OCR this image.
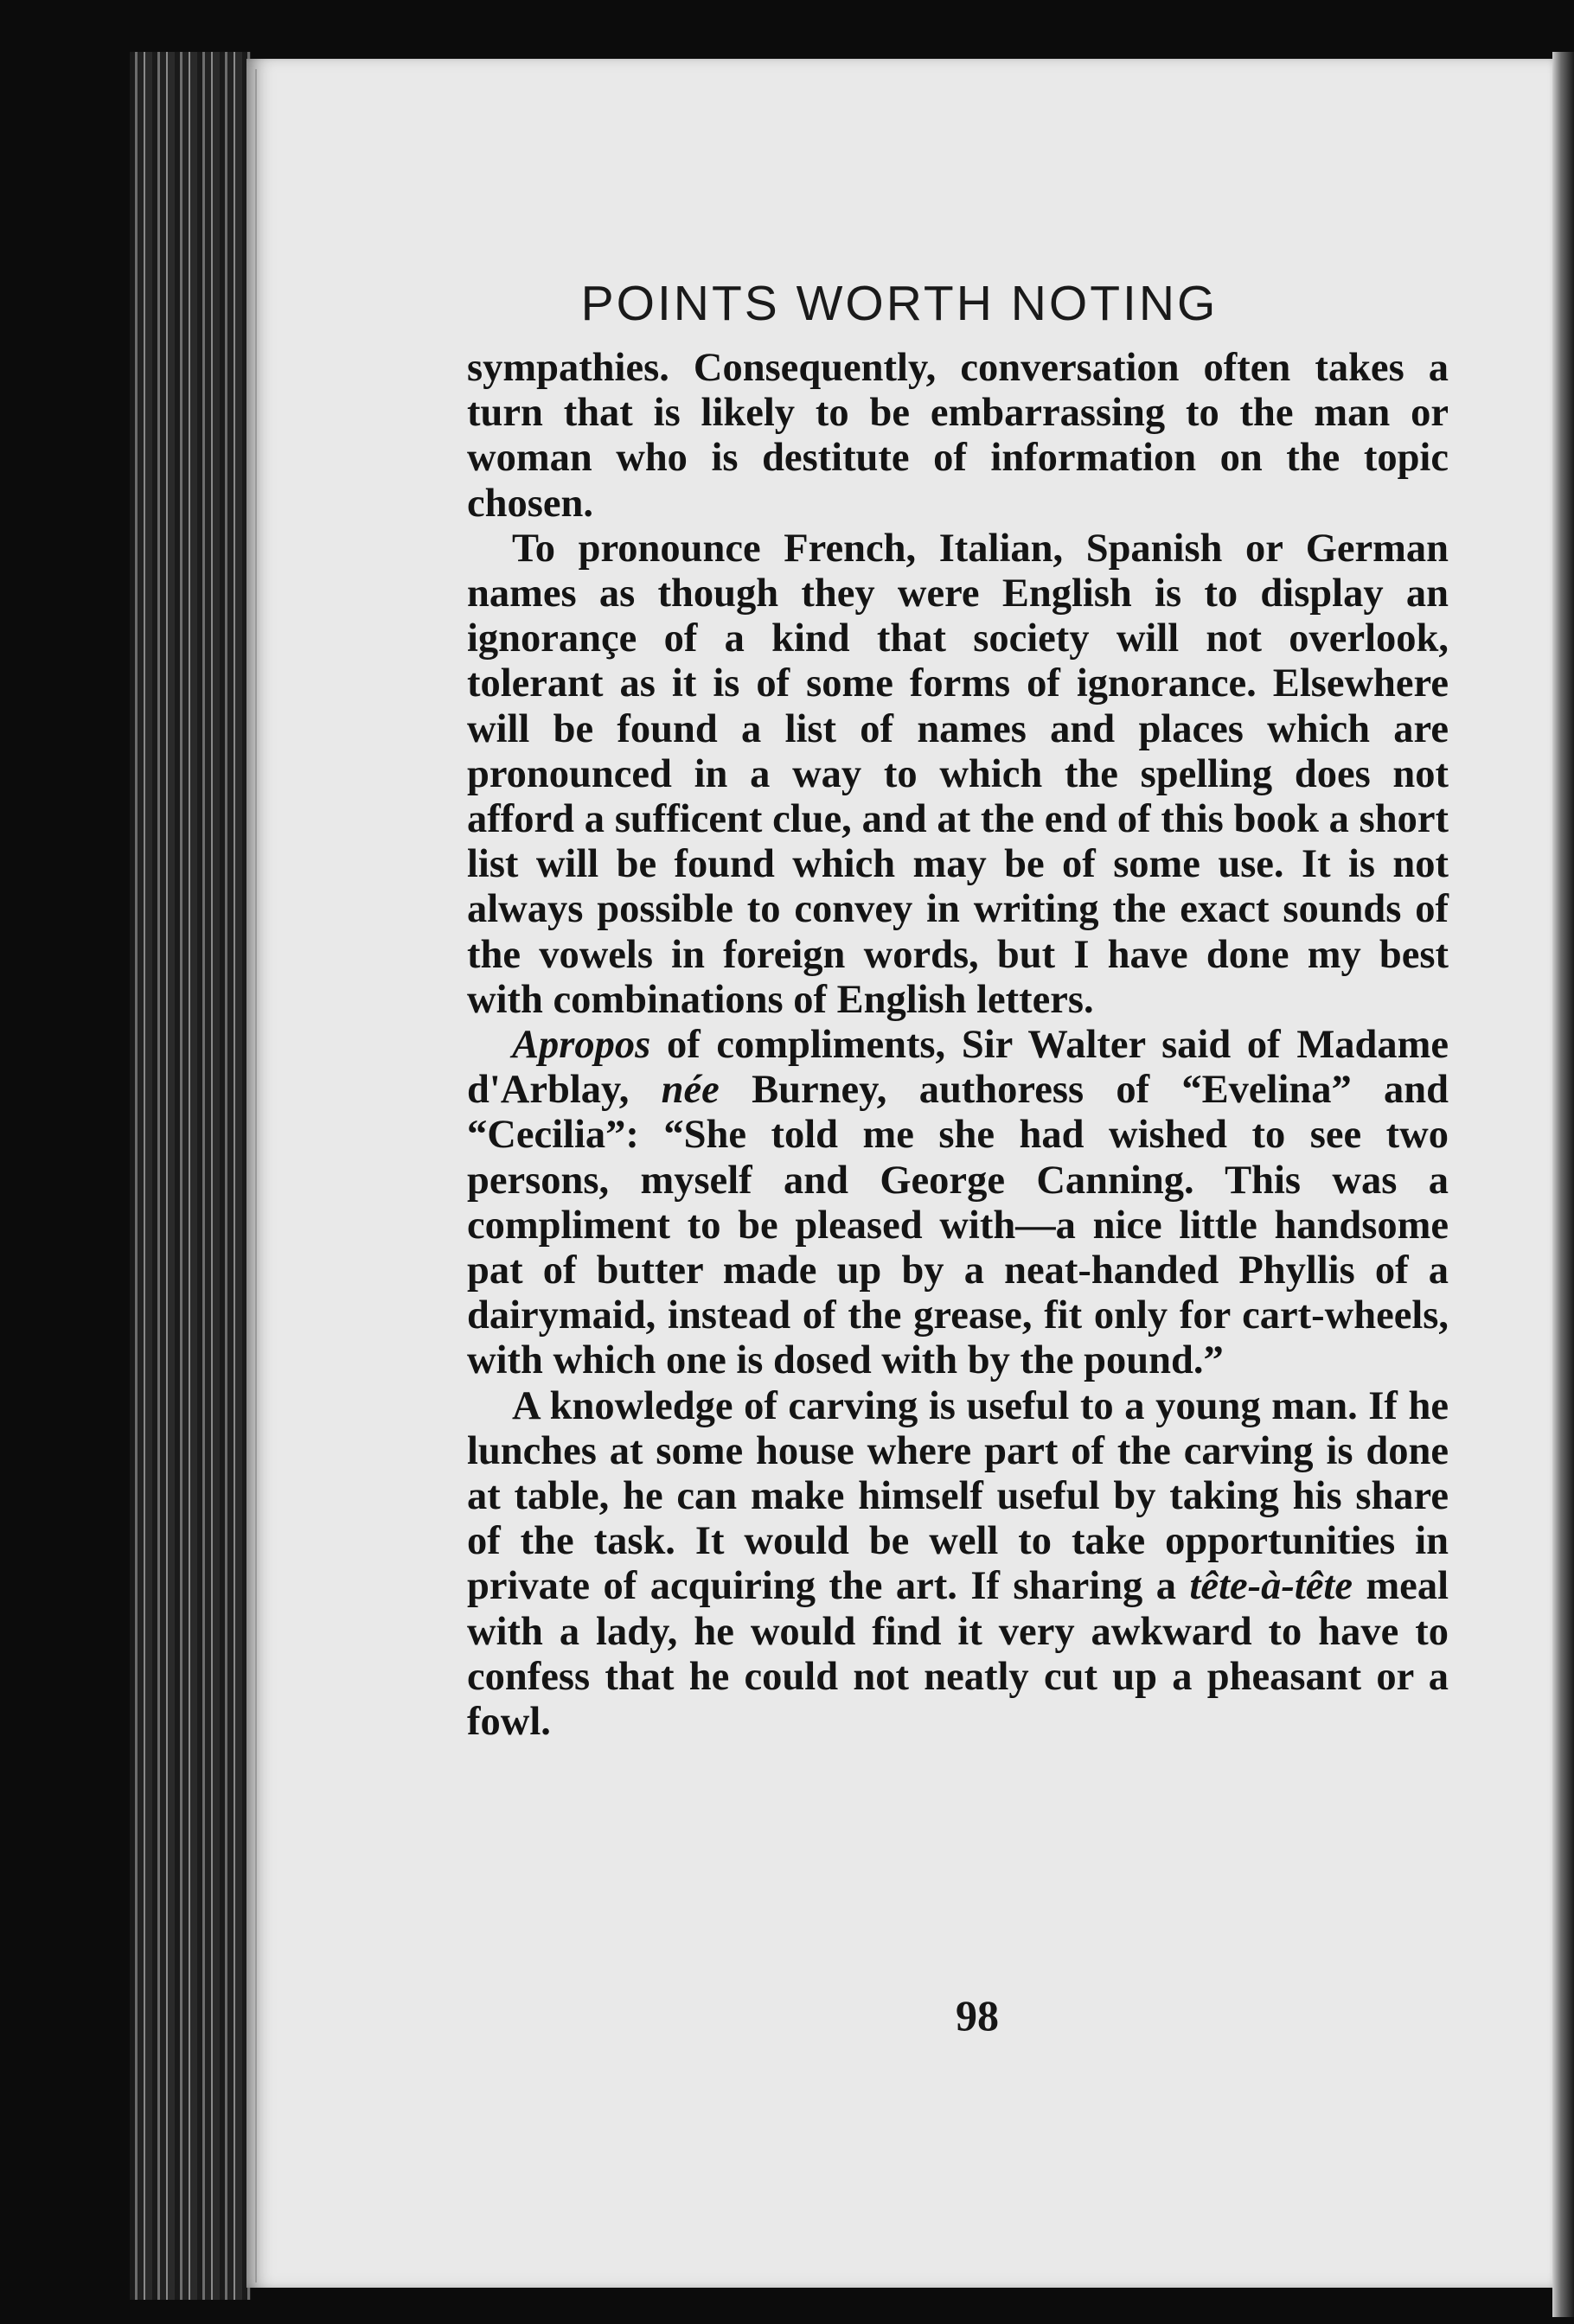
POINTS WORTH NOTING

sympathies. Consequently, conversation often takes a turn that is likely to be embarrassing to the man or woman who is destitute of information on the topic chosen.

To pronounce French, Italian, Spanish or German names as though they were English is to display an ignorançe of a kind that society will not overlook, tolerant as it is of some forms of ignorance. Elsewhere will be found a list of names and places which are pronounced in a way to which the spelling does not afford a sufficent clue, and at the end of this book a short list will be found which may be of some use. It is not always possible to convey in writing the exact sounds of the vowels in foreign words, but I have done my best with combinations of English letters.

Apropos of compliments, Sir Walter said of Madame d'Arblay, née Burney, authoress of “Evelina” and “Cecilia”: “She told me she had wished to see two persons, myself and George Canning. This was a compliment to be pleased with—a nice little handsome pat of butter made up by a neat-handed Phyllis of a dairymaid, instead of the grease, fit only for cart-wheels, with which one is dosed with by the pound.”

A knowledge of carving is useful to a young man. If he lunches at some house where part of the carving is done at table, he can make himself useful by taking his share of the task. It would be well to take opportunities in private of acquiring the art. If sharing a tête-à-tête meal with a lady, he would find it very awkward to have to confess that he could not neatly cut up a pheasant or a fowl.

98
